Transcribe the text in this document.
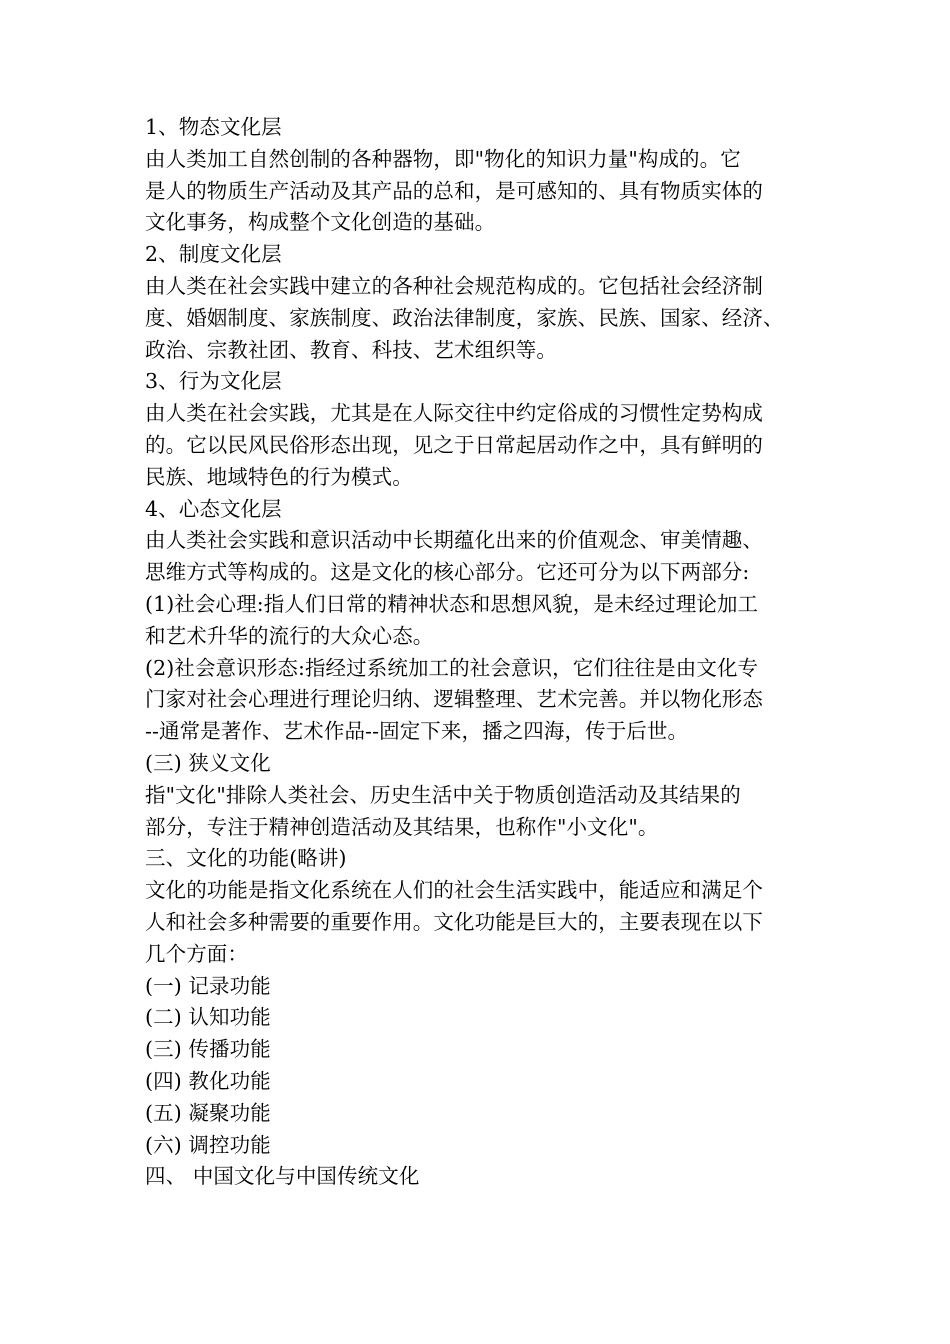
1、物态文化层
由人类加工自然创制的各种器物，即"物化的知识力量"构成的。它
是人的物质生产活动及其产品的总和，是可感知的、具有物质实体的
文化事务，构成整个文化创造的基础。
2、制度文化层
由人类在社会实践中建立的各种社会规范构成的。它包括社会经济制
度、婚姻制度、家族制度、政治法律制度，家族、民族、国家、经济、
政治、宗教社团、教育、科技、艺术组织等。
3、行为文化层
由人类在社会实践，尤其是在人际交往中约定俗成的习惯性定势构成
的。它以民风民俗形态出现，见之于日常起居动作之中，具有鲜明的
民族、地域特色的行为模式。
4、心态文化层
由人类社会实践和意识活动中长期蕴化出来的价值观念、审美情趣、
思维方式等构成的。这是文化的核心部分。它还可分为以下两部分:
(1)社会心理:指人们日常的精神状态和思想风貌，是未经过理论加工
和艺术升华的流行的大众心态。
(2)社会意识形态:指经过系统加工的社会意识，它们往往是由文化专
门家对社会心理进行理论归纳、逻辑整理、艺术完善。并以物化形态
--通常是著作、艺术作品--固定下来，播之四海，传于后世。
(三) 狭义文化
指"文化"排除人类社会、历史生活中关于物质创造活动及其结果的
部分，专注于精神创造活动及其结果，也称作"小文化"。
三、文化的功能(略讲)
文化的功能是指文化系统在人们的社会生活实践中，能适应和满足个
人和社会多种需要的重要作用。文化功能是巨大的，主要表现在以下
几个方面：
(一) 记录功能
(二) 认知功能
(三) 传播功能
(四) 教化功能
(五) 凝聚功能
(六) 调控功能
四、 中国文化与中国传统文化
